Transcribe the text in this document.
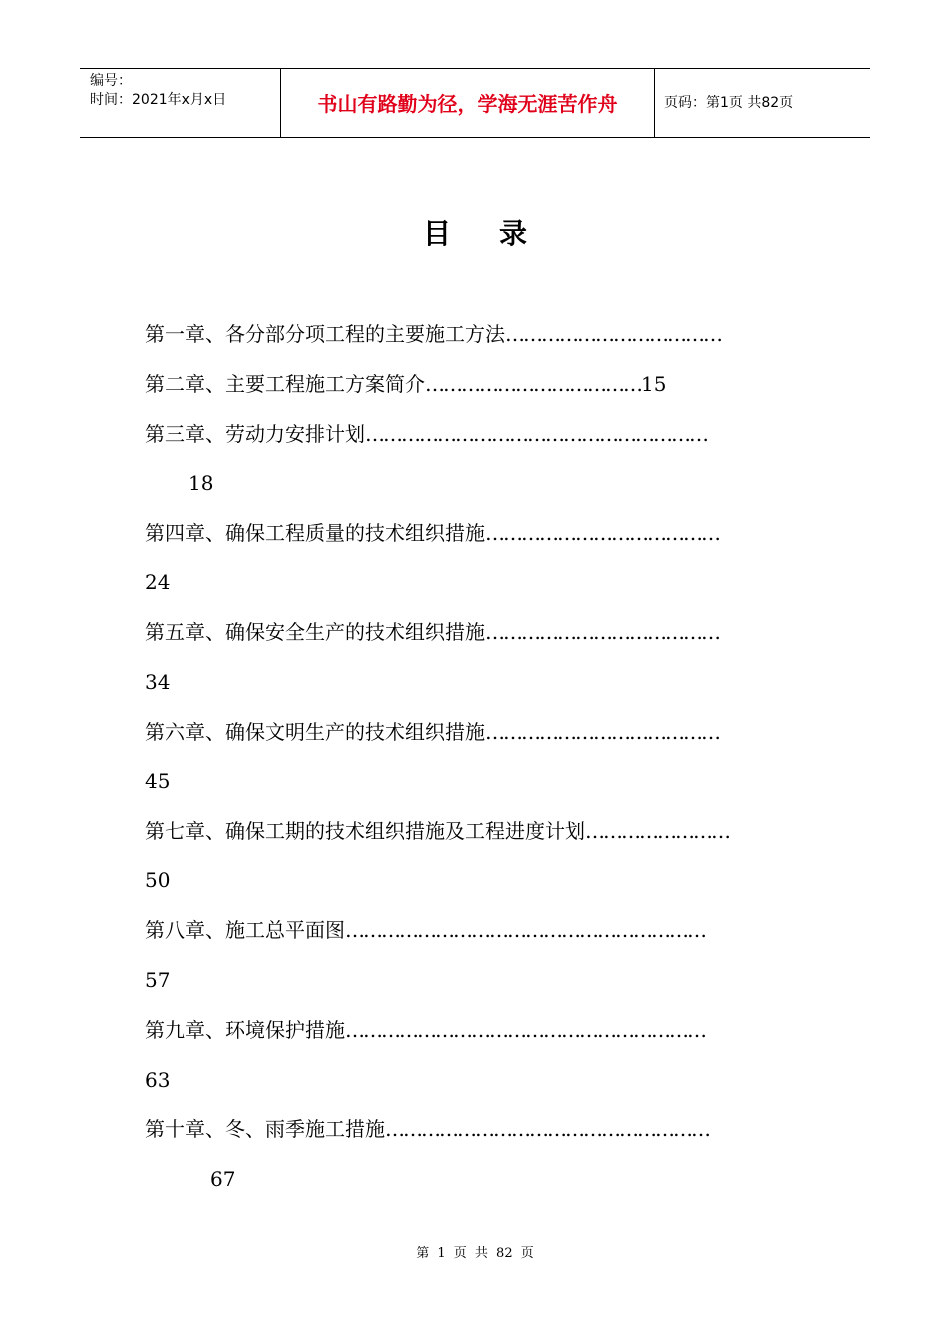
编号：
时间：2021年x月x日	书山有路勤为径，学海无涯苦作舟	页码：第1页 共82页
目录
第一章、各分部分项工程的主要施工方法………………………………
第二章、主要工程施工方案简介………………………………15
第三章、劳动力安排计划…………………………………………………
18
第四章、确保工程质量的技术组织措施…………………………………
24
第五章、确保安全生产的技术组织措施…………………………………
34
第六章、确保文明生产的技术组织措施…………………………………
45
第七章、确保工期的技术组织措施及工程进度计划……………………
50
第八章、施工总平面图……………………………………………………
57
第九章、环境保护措施……………………………………………………
63
第十章、冬、雨季施工措施………………………………………………
67
第 1 页 共 82 页
